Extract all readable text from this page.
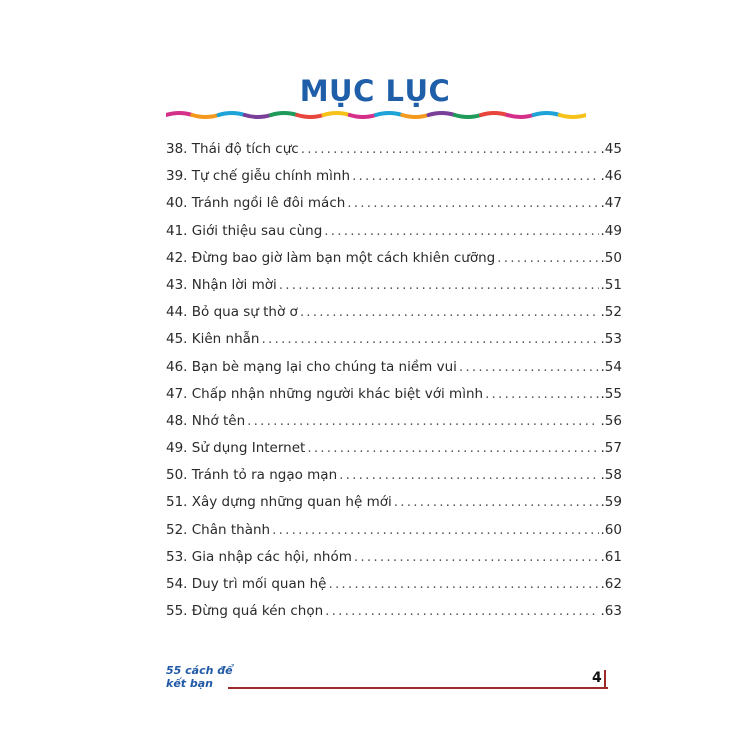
MỤC LỤC
38. Thái độ tích cực .....	.45
39. Tự chế giễu chính mình .....	.46
40. Tránh ngồi lê đôi mách .....	.47
41. Giới thiệu sau cùng .....	.49
42. Đừng bao giờ làm bạn một cách khiên cưỡng .....	.50
43. Nhận lời mời .....	.51
44. Bỏ qua sự thờ ơ .....	.52
45. Kiên nhẫn .....	.53
46. Bạn bè mạng lại cho chúng ta niềm vui .....	.54
47. Chấp nhận những người khác biệt với mình .....	.55
48. Nhớ tên .....	.56
49. Sử dụng Internet .....	.57
50. Tránh tỏ ra ngạo mạn .....	.58
51. Xây dựng những quan hệ mới .....	.59
52. Chân thành .....	.60
53. Gia nhập các hội, nhóm .....	.61
54. Duy trì mối quan hệ .....	.62
55. Đừng quá kén chọn .....	.63
55 cách để
kết bạn	4
